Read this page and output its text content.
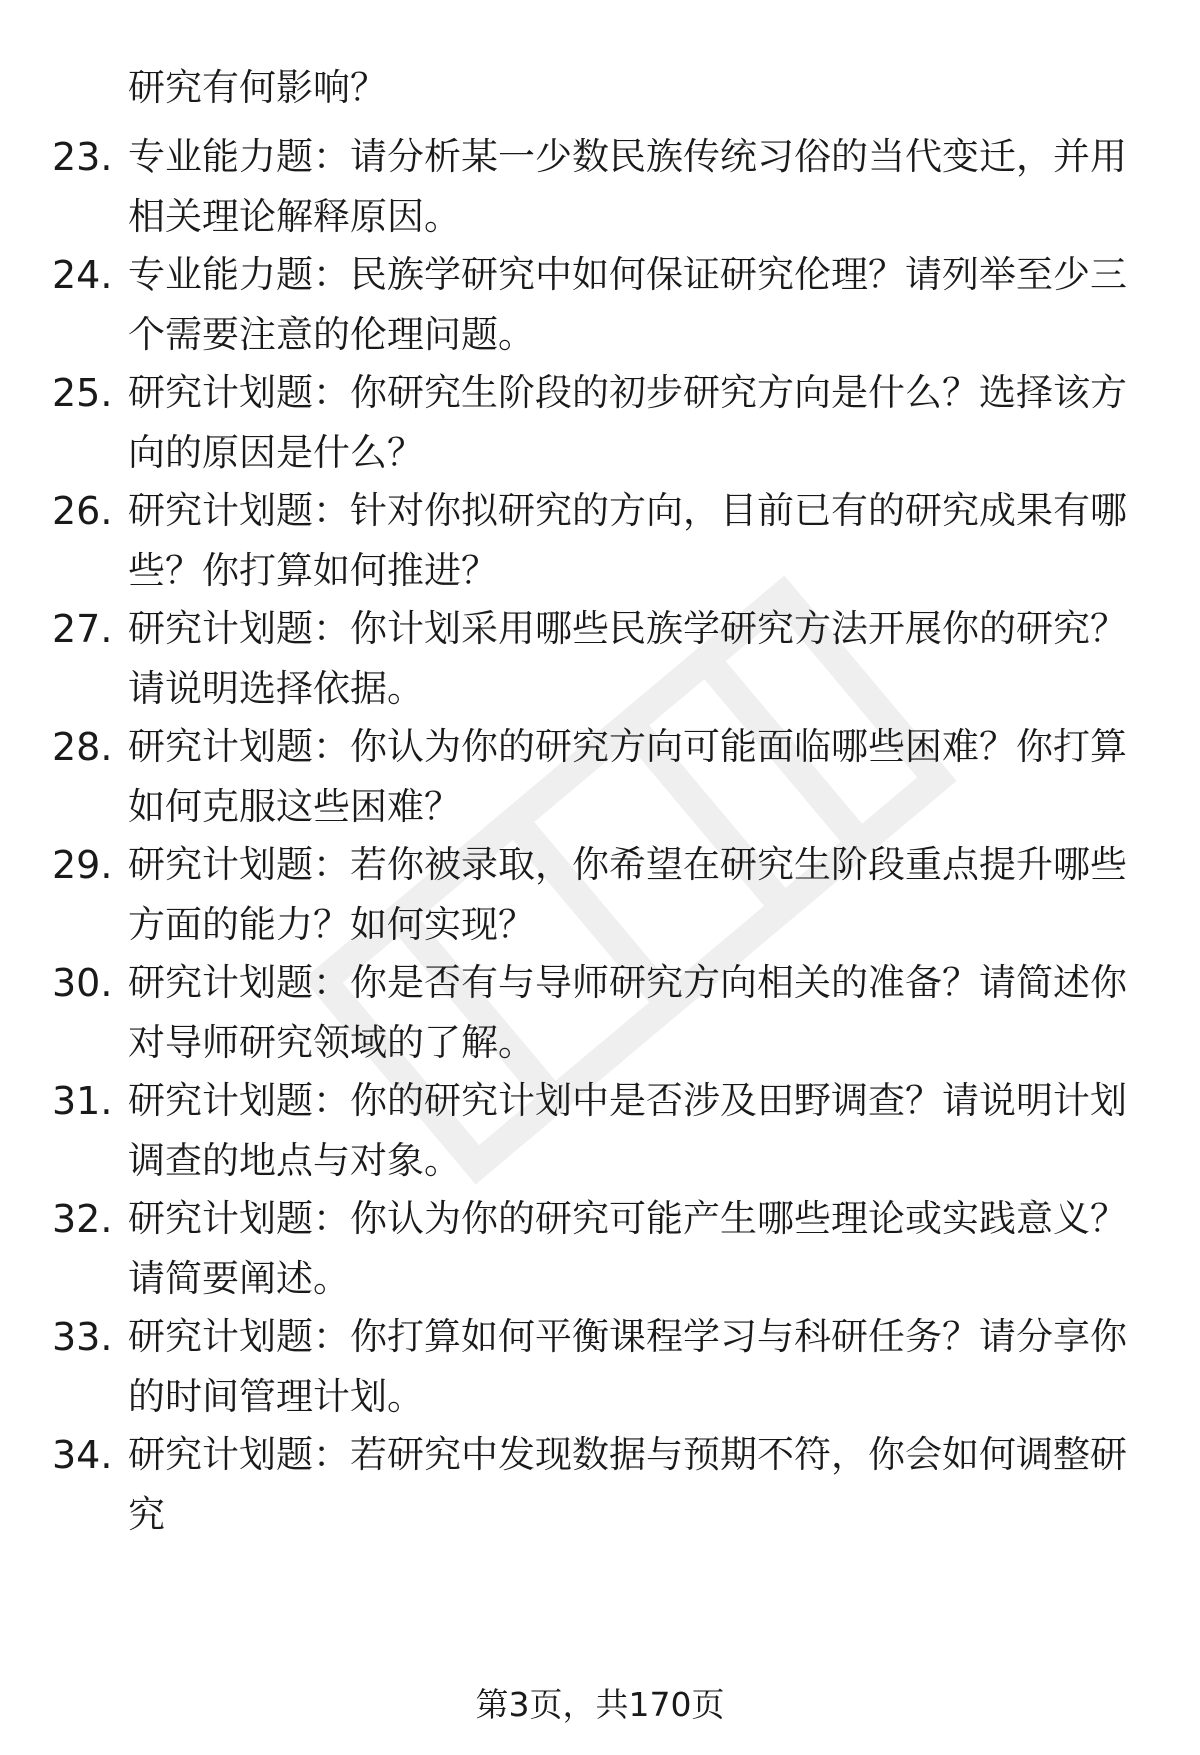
研究有何影响？
23. 专业能力题：请分析某一少数民族传统习俗的当代变迁，并用相关理论解释原因。
24. 专业能力题：民族学研究中如何保证研究伦理？请列举至少三个需要注意的伦理问题。
25. 研究计划题：你研究生阶段的初步研究方向是什么？选择该方向的原因是什么？
26. 研究计划题：针对你拟研究的方向，目前已有的研究成果有哪些？你打算如何推进？
27. 研究计划题：你计划采用哪些民族学研究方法开展你的研究？请说明选择依据。
28. 研究计划题：你认为你的研究方向可能面临哪些困难？你打算如何克服这些困难？
29. 研究计划题：若你被录取，你希望在研究生阶段重点提升哪些方面的能力？如何实现？
30. 研究计划题：你是否有与导师研究方向相关的准备？请简述你对导师研究领域的了解。
31. 研究计划题：你的研究计划中是否涉及田野调查？请说明计划调查的地点与对象。
32. 研究计划题：你认为你的研究可能产生哪些理论或实践意义？请简要阐述。
33. 研究计划题：你打算如何平衡课程学习与科研任务？请分享你的时间管理计划。
34. 研究计划题：若研究中发现数据与预期不符，你会如何调整研究
第3页，共170页
